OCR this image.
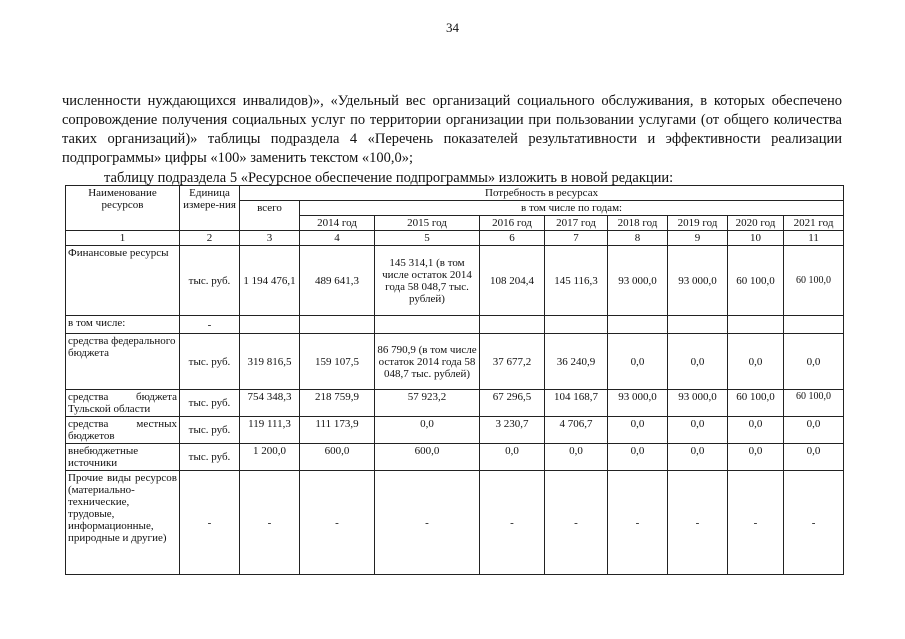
34

численности нуждающихся инвалидов)», «Удельный вес организаций социального обслуживания, в которых обеспечено сопровождение получения социальных услуг по территории организации при пользовании услугами (от общего количества таких организаций)» таблицы подраздела 4 «Перечень показателей результативности и эффективности реализации подпрограммы» цифры «100» заменить текстом «100,0»;

таблицу подраздела 5 «Ресурсное обеспечение подпрограммы» изложить в новой редакции:

Наименование ресурсов	Единица измере-ния	Потребность в ресурсах								
		всего	в том числе по годам:							
			2014 год	2015 год	2016 год	2017 год	2018 год	2019 год	2020 год	2021 год
1	2	3	4	5	6	7	8	9	10	11
Финансовые ресурсы	тыс. руб.	1 194 476,1	489 641,3	145 314,1 (в том числе остаток 2014 года 58 048,7 тыс. рублей)	108 204,4	145 116,3	93 000,0	93 000,0	60 100,0	60 100,0
в том числе:	-									
средства федерального бюджета	тыс. руб.	319 816,5	159 107,5	86 790,9 (в том числе остаток 2014 года 58 048,7 тыс. рублей)	37 677,2	36 240,9	0,0	0,0	0,0	0,0
средства бюджета Тульской области	тыс. руб.	754 348,3	218 759,9	57 923,2	67 296,5	104 168,7	93 000,0	93 000,0	60 100,0	60 100,0
средства местных бюджетов	тыс. руб.	119 111,3	111 173,9	0,0	3 230,7	4 706,7	0,0	0,0	0,0	0,0
внебюджетные источники	тыс. руб.	1 200,0	600,0	600,0	0,0	0,0	0,0	0,0	0,0	0,0
Прочие виды ресурсов (материально-технические, трудовые, информационные, природные и другие)	-	-	-	-	-	-	-	-	-	-
